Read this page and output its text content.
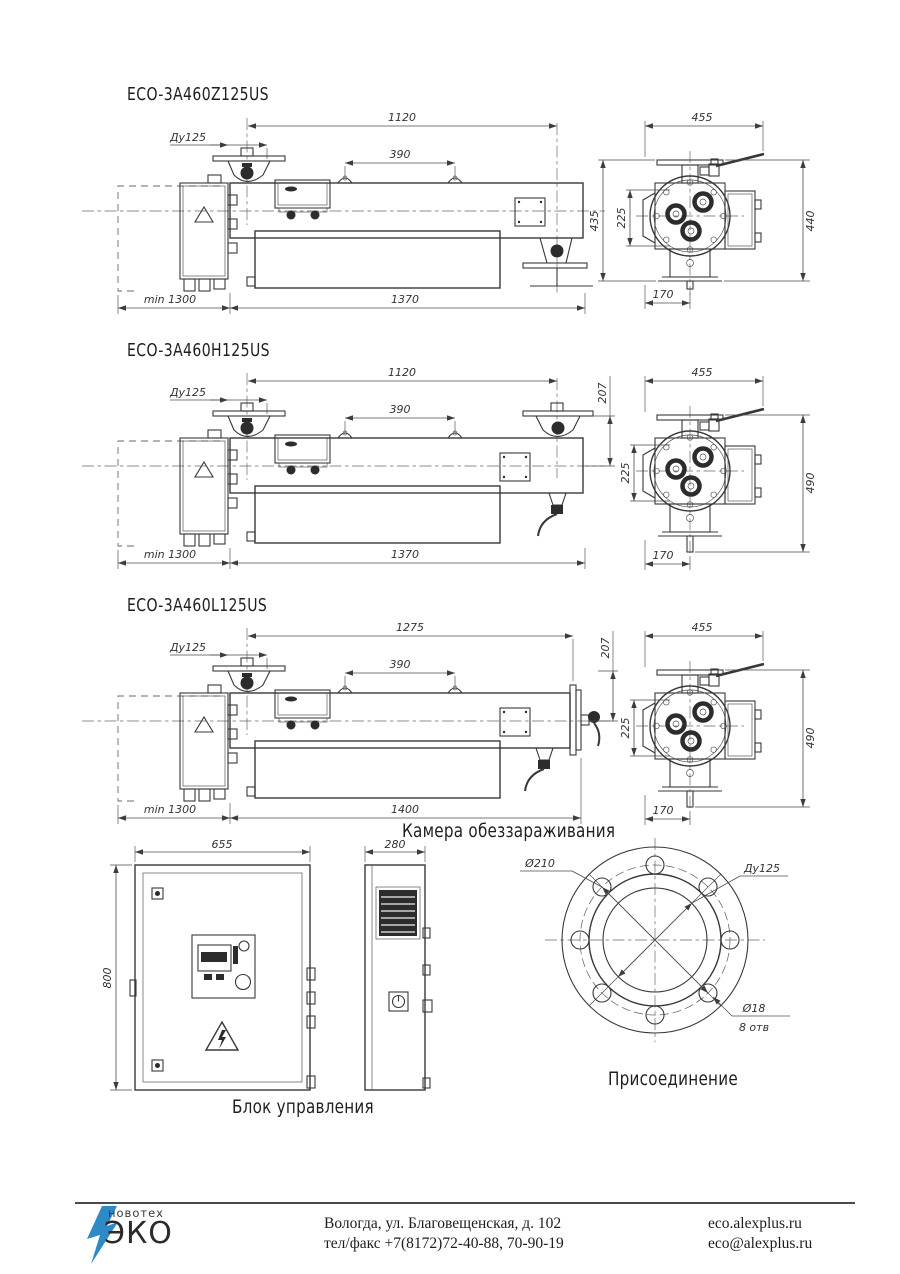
ECO-3A460Z125US
1120
Ду125
390
min 1300	1370
455
435 225	440
170
ECO-3A460H125US
1120
Ду125
390
min 1300	1370
207
455
225	490
170
ECO-3A460L125US
1275
Ду125
390
min 1300	1400
207
455
225	490
170
Камера обеззараживания
655	280
800
Блок управления
Ø210	Ду125
Ø18
8 отв
Присоединение
новотех
ЭКО	Вологда, ул. Благовещенская, д. 102
тел/факс +7(8172)72-40-88, 70-90-19
eco.alexplus.ru
eco@alexplus.ru
